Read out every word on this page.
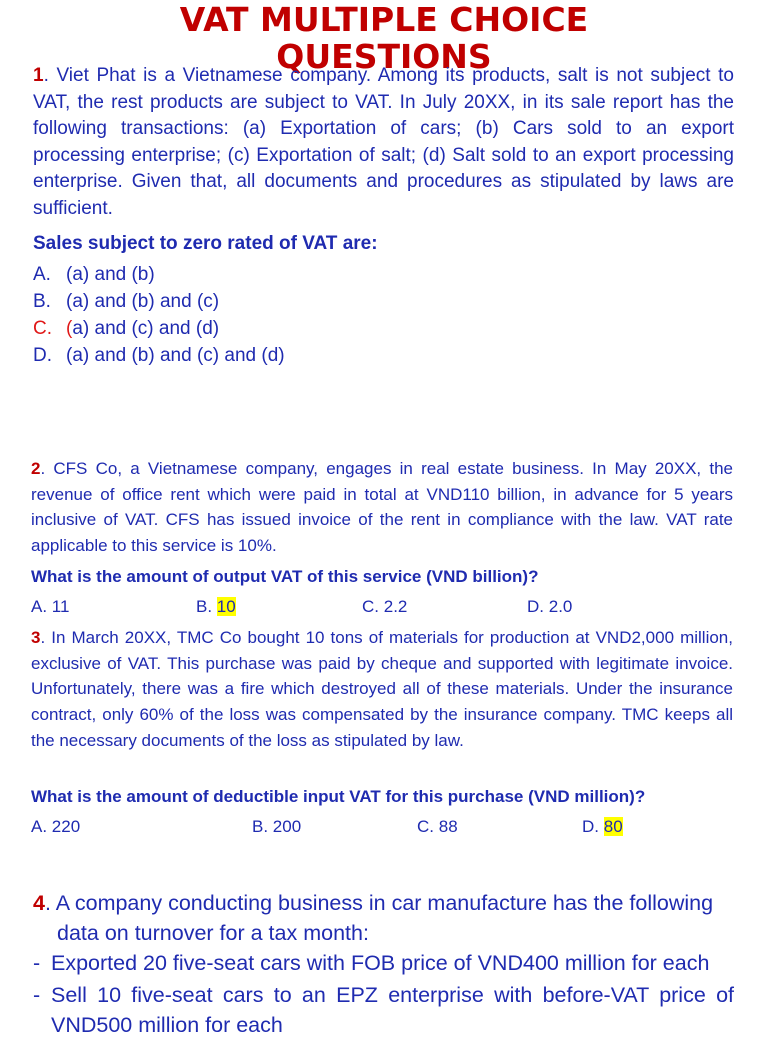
VAT MULTIPLE CHOICE
QUESTIONS
1. Viet Phat is a Vietnamese company. Among its products, salt is not subject to VAT, the rest products are subject to VAT. In July 20XX, in its sale report has the following transactions: (a) Exportation of cars; (b) Cars sold to an export processing enterprise; (c) Exportation of salt; (d) Salt sold to an export processing enterprise. Given that, all documents and procedures as stipulated by laws are sufficient.
Sales subject to zero rated of VAT are:
A. (a) and (b)
B. (a) and (b) and (c)
C. (a) and (c) and (d)
D. (a) and (b) and (c) and (d)
2. CFS Co, a Vietnamese company, engages in real estate business. In May 20XX, the revenue of office rent which were paid in total at VND110 billion, in advance for 5 years inclusive of VAT. CFS has issued invoice of the rent in compliance with the law. VAT rate applicable to this service is 10%.
What is the amount of output VAT of this service (VND billion)?
A. 11	B. 10	C. 2.2	D. 2.0
3. In March 20XX, TMC Co bought 10 tons of materials for production at VND2,000 million, exclusive of VAT. This purchase was paid by cheque and supported with legitimate invoice. Unfortunately, there was a fire which destroyed all of these materials. Under the insurance contract, only 60% of the loss was compensated by the insurance company. TMC keeps all the necessary documents of the loss as stipulated by law.
What is the amount of deductible input VAT for this purchase (VND million)?
A. 220	B. 200	C. 88	D. 80
4. A company conducting business in car manufacture has the following
data on turnover for a tax month:
- Exported 20 five-seat cars with FOB price of VND400 million for each
- Sell 10 five-seat cars to an EPZ enterprise with before-VAT price of
VND500 million for each
